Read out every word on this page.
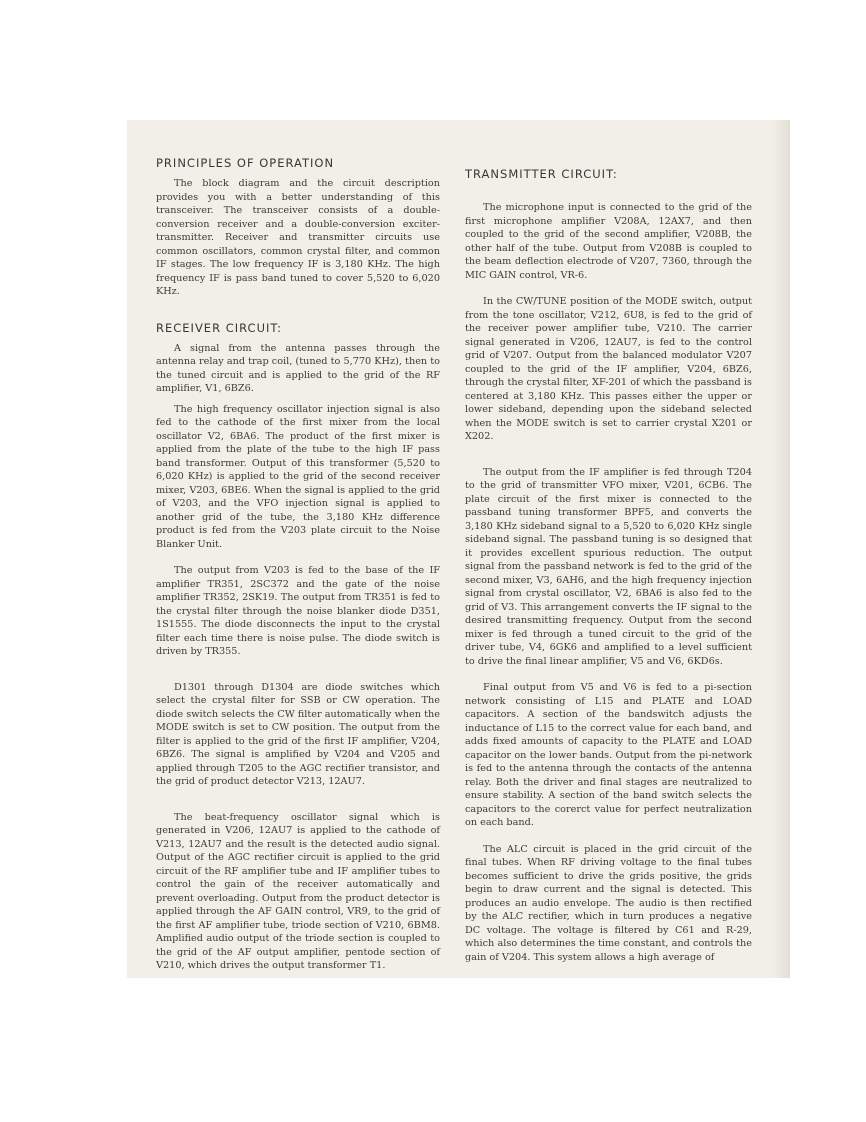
PRINCIPLES OF OPERATION

The block diagram and the circuit description provides you with a better understanding of this transceiver. The transceiver consists of a double-conversion receiver and a double-conversion exciter-transmitter. Receiver and transmitter circuits use common oscillators, common crystal filter, and common IF stages. The low frequency IF is 3,180 KHz. The high frequency IF is pass band tuned to cover 5,520 to 6,020 KHz.

RECEIVER CIRCUIT:

A signal from the antenna passes through the antenna relay and trap coil, (tuned to 5,770 KHz), then to the tuned circuit and is applied to the grid of the RF amplifier, V1, 6BZ6.

The high frequency oscillator injection signal is also fed to the cathode of the first mixer from the local oscillator V2, 6BA6. The product of the first mixer is applied from the plate of the tube to the high IF pass band transformer. Output of this transformer (5,520 to 6,020 KHz) is applied to the grid of the second receiver mixer, V203, 6BE6. When the signal is applied to the grid of V203, and the VFO injection signal is applied to another grid of the tube, the 3,180 KHz difference product is fed from the V203 plate circuit to the Noise Blanker Unit.

The output from V203 is fed to the base of the IF amplifier TR351, 2SC372 and the gate of the noise amplifier TR352, 2SK19. The output from TR351 is fed to the crystal filter through the noise blanker diode D351, 1S1555. The diode disconnects the input to the crystal filter each time there is noise pulse. The diode switch is driven by TR355.

D1301 through D1304 are diode switches which select the crystal filter for SSB or CW operation. The diode switch selects the CW filter automatically when the MODE switch is set to CW position. The output from the filter is applied to the grid of the first IF amplifier, V204, 6BZ6. The signal is amplified by V204 and V205 and applied through T205 to the AGC rectifier transistor, and the grid of product detector V213, 12AU7.

The beat-frequency oscillator signal which is generated in V206, 12AU7 is applied to the cathode of V213, 12AU7 and the result is the detected audio signal. Output of the AGC rectifier circuit is applied to the grid circuit of the RF amplifier tube and IF amplifier tubes to control the gain of the receiver automatically and prevent overloading. Output from the product detector is applied through the AF GAIN control, VR9, to the grid of the first AF amplifier tube, triode section of V210, 6BM8. Amplified audio output of the triode section is coupled to the grid of the AF output amplifier, pentode section of V210, which drives the output transformer T1.

TRANSMITTER CIRCUIT:

The microphone input is connected to the grid of the first microphone amplifier V208A, 12AX7, and then coupled to the grid of the second amplifier, V208B, the other half of the tube. Output from V208B is coupled to the beam deflection electrode of V207, 7360, through the MIC GAIN control, VR-6.

In the CW/TUNE position of the MODE switch, output from the tone oscillator, V212, 6U8, is fed to the grid of the receiver power amplifier tube, V210. The carrier signal generated in V206, 12AU7, is fed to the control grid of V207. Output from the balanced modulator V207 coupled to the grid of the IF amplifier, V204, 6BZ6, through the crystal filter, XF-201 of which the passband is centered at 3,180 KHz. This passes either the upper or lower sideband, depending upon the sideband selected when the MODE switch is set to carrier crystal X201 or X202.

The output from the IF amplifier is fed through T204 to the grid of transmitter VFO mixer, V201, 6CB6. The plate circuit of the first mixer is connected to the passband tuning transformer BPF5, and converts the 3,180 KHz sideband signal to a 5,520 to 6,020 KHz single sideband signal. The passband tuning is so designed that it provides excellent spurious reduction. The output signal from the passband network is fed to the grid of the second mixer, V3, 6AH6, and the high frequency injection signal from crystal oscillator, V2, 6BA6 is also fed to the grid of V3. This arrangement converts the IF signal to the desired transmitting frequency. Output from the second mixer is fed through a tuned circuit to the grid of the driver tube, V4, 6GK6 and amplified to a level sufficient to drive the final linear amplifier, V5 and V6, 6KD6s.

Final output from V5 and V6 is fed to a pi-section network consisting of L15 and PLATE and LOAD capacitors. A section of the bandswitch adjusts the inductance of L15 to the correct value for each band, and adds fixed amounts of capacity to the PLATE and LOAD capacitor on the lower bands. Output from the pi-network is fed to the antenna through the contacts of the antenna relay. Both the driver and final stages are neutralized to ensure stability. A section of the band switch selects the capacitors to the corerct value for perfect neutralization on each band.

The ALC circuit is placed in the grid circuit of the final tubes. When RF driving voltage to the final tubes becomes sufficient to drive the grids positive, the grids begin to draw current and the signal is detected. This produces an audio envelope. The audio is then rectified by the ALC rectifier, which in turn produces a negative DC voltage. The voltage is filtered by C61 and R-29, which also determines the time constant, and controls the gain of V204. This system allows a high average of
